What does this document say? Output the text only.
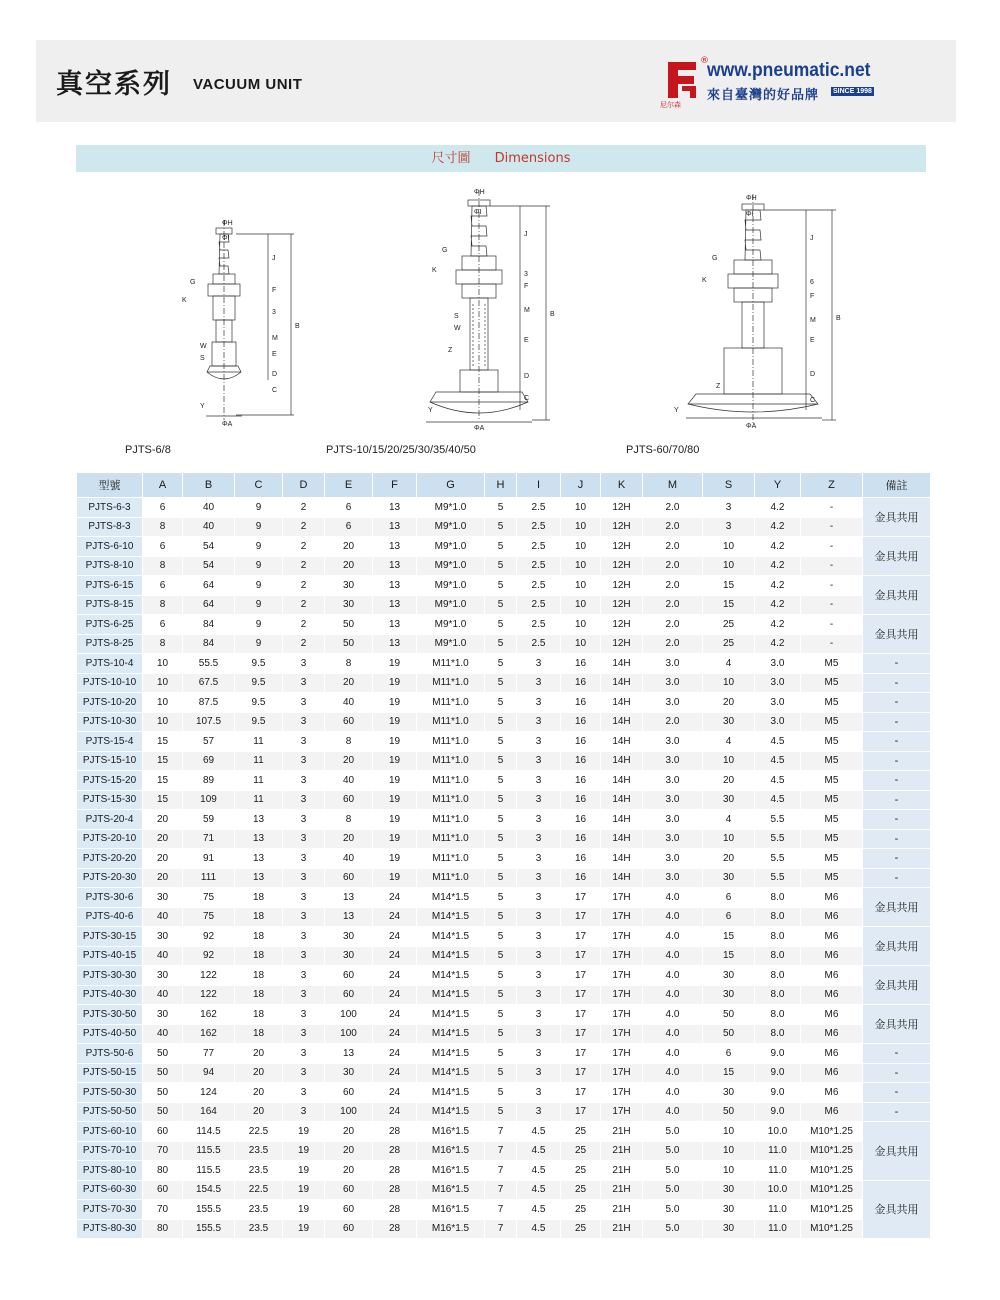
真空系列 VACUUM UNIT
®
尼尔森
www.pneumatic.net
來自臺灣的好品牌 SINCE 1998
尺寸圖 Dimensions
ΦH
ΦI
G
K
J
F
B
3
W
S
M
E
D
C
Y
ΦA
ΦH
ΦI
G
K
J
3
F
B
S
W
M
E
Z
D
C
Y
ΦA
ΦH
ΦI
G
K
J
6
F
B
M
E
D
Z
C
Y
ΦA
PJTS-6/8	PJTS-10/15/20/25/30/35/40/50	PJTS-60/70/80
型號	A	B	C	D	E	F	G	H	I	J	K	M	S	Y	Z	備註
PJTS-6-3	6	40	9	2	6	13	M9*1.0	5	2.5	10	12H	2.0	3	4.2	-	金具共用
PJTS-8-3	8	40	9	2	6	13	M9*1.0	5	2.5	10	12H	2.0	3	4.2	-	
PJTS-6-10	6	54	9	2	20	13	M9*1.0	5	2.5	10	12H	2.0	10	4.2	-	金具共用
PJTS-8-10	8	54	9	2	20	13	M9*1.0	5	2.5	10	12H	2.0	10	4.2	-	
PJTS-6-15	6	64	9	2	30	13	M9*1.0	5	2.5	10	12H	2.0	15	4.2	-	金具共用
PJTS-8-15	8	64	9	2	30	13	M9*1.0	5	2.5	10	12H	2.0	15	4.2	-	
PJTS-6-25	6	84	9	2	50	13	M9*1.0	5	2.5	10	12H	2.0	25	4.2	-	金具共用
PJTS-8-25	8	84	9	2	50	13	M9*1.0	5	2.5	10	12H	2.0	25	4.2	-	
PJTS-10-4	10	55.5	9.5	3	8	19	M11*1.0	5	3	16	14H	3.0	4	3.0	M5	-
PJTS-10-10	10	67.5	9.5	3	20	19	M11*1.0	5	3	16	14H	3.0	10	3.0	M5	-
PJTS-10-20	10	87.5	9.5	3	40	19	M11*1.0	5	3	16	14H	3.0	20	3.0	M5	-
PJTS-10-30	10	107.5	9.5	3	60	19	M11*1.0	5	3	16	14H	2.0	30	3.0	M5	-
PJTS-15-4	15	57	11	3	8	19	M11*1.0	5	3	16	14H	3.0	4	4.5	M5	-
PJTS-15-10	15	69	11	3	20	19	M11*1.0	5	3	16	14H	3.0	10	4.5	M5	-
PJTS-15-20	15	89	11	3	40	19	M11*1.0	5	3	16	14H	3.0	20	4.5	M5	-
PJTS-15-30	15	109	11	3	60	19	M11*1.0	5	3	16	14H	3.0	30	4.5	M5	-
PJTS-20-4	20	59	13	3	8	19	M11*1.0	5	3	16	14H	3.0	4	5.5	M5	-
PJTS-20-10	20	71	13	3	20	19	M11*1.0	5	3	16	14H	3.0	10	5.5	M5	-
PJTS-20-20	20	91	13	3	40	19	M11*1.0	5	3	16	14H	3.0	20	5.5	M5	-
PJTS-20-30	20	111	13	3	60	19	M11*1.0	5	3	16	14H	3.0	30	5.5	M5	-
PJTS-30-6	30	75	18	3	13	24	M14*1.5	5	3	17	17H	4.0	6	8.0	M6	金具共用
PJTS-40-6	40	75	18	3	13	24	M14*1.5	5	3	17	17H	4.0	6	8.0	M6	
PJTS-30-15	30	92	18	3	30	24	M14*1.5	5	3	17	17H	4.0	15	8.0	M6	金具共用
PJTS-40-15	40	92	18	3	30	24	M14*1.5	5	3	17	17H	4.0	15	8.0	M6	
PJTS-30-30	30	122	18	3	60	24	M14*1.5	5	3	17	17H	4.0	30	8.0	M6	金具共用
PJTS-40-30	40	122	18	3	60	24	M14*1.5	5	3	17	17H	4.0	30	8.0	M6	
PJTS-30-50	30	162	18	3	100	24	M14*1.5	5	3	17	17H	4.0	50	8.0	M6	金具共用
PJTS-40-50	40	162	18	3	100	24	M14*1.5	5	3	17	17H	4.0	50	8.0	M6	
PJTS-50-6	50	77	20	3	13	24	M14*1.5	5	3	17	17H	4.0	6	9.0	M6	-
PJTS-50-15	50	94	20	3	30	24	M14*1.5	5	3	17	17H	4.0	15	9.0	M6	-
PJTS-50-30	50	124	20	3	60	24	M14*1.5	5	3	17	17H	4.0	30	9.0	M6	-
PJTS-50-50	50	164	20	3	100	24	M14*1.5	5	3	17	17H	4.0	50	9.0	M6	-
PJTS-60-10	60	114.5	22.5	19	20	28	M16*1.5	7	4.5	25	21H	5.0	10	10.0	M10*1.25	金具共用
PJTS-70-10	70	115.5	23.5	19	20	28	M16*1.5	7	4.5	25	21H	5.0	10	11.0	M10*1.25	
PJTS-80-10	80	115.5	23.5	19	20	28	M16*1.5	7	4.5	25	21H	5.0	10	11.0	M10*1.25	
PJTS-60-30	60	154.5	22.5	19	60	28	M16*1.5	7	4.5	25	21H	5.0	30	10.0	M10*1.25	金具共用
PJTS-70-30	70	155.5	23.5	19	60	28	M16*1.5	7	4.5	25	21H	5.0	30	11.0	M10*1.25	
PJTS-80-30	80	155.5	23.5	19	60	28	M16*1.5	7	4.5	25	21H	5.0	30	11.0	M10*1.25	
